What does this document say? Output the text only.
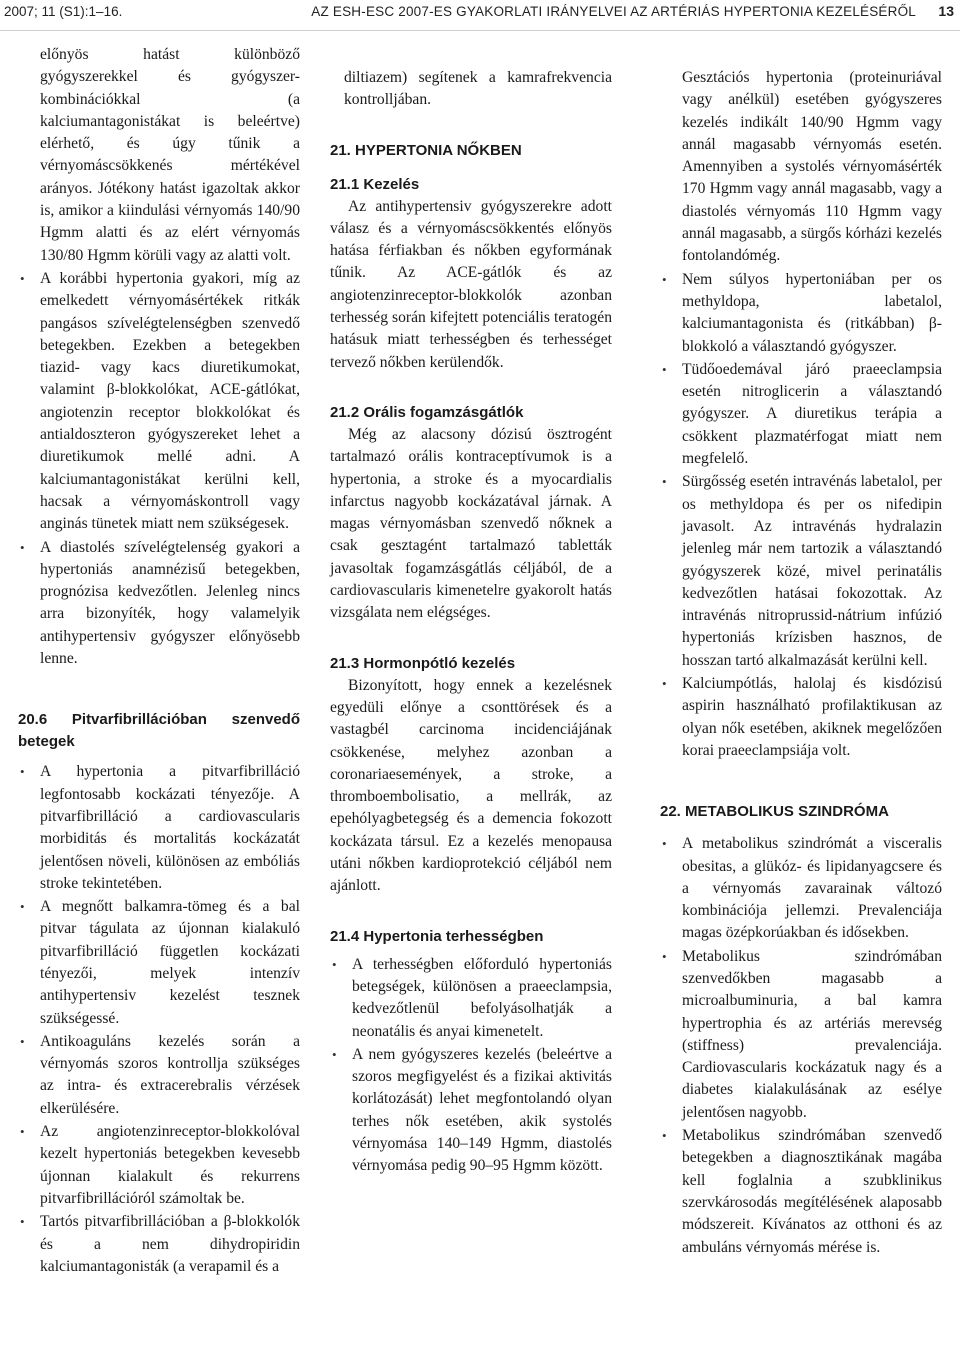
2007; 11 (S1):1–16.	AZ ESH-ESC 2007-ES GYAKORLATI IRÁNYELVEI AZ ARTÉRIÁS HYPERTONIA KEZELÉSÉRŐL 13
előnyös hatást különböző gyógyszerekkel és gyógyszer-kombinációkkal (a kalciumantagonistákat is beleértve) elérhető, és úgy tűnik a vérnyomáscsökkenés mértékével arányos. Jótékony hatást igazoltak akkor is, amikor a kiindulási vérnyomás 140/90 Hgmm alatti és az elért vérnyomás 130/80 Hgmm körüli vagy az alatti volt.
• A korábbi hypertonia gyakori, míg az emelkedett vérnyomásértékek ritkák pangásos szívelégtelenségben szenvedő betegekben. Ezekben a betegekben tiazid- vagy kacs diuretikumokat, valamint β-blokkolókat, ACE-gátlókat, angiotenzin receptor blokkolókat és antialdoszteron gyógyszereket lehet a diuretikumok mellé adni. A kalciumantagonistákat kerülni kell, hacsak a vérnyomáskontroll vagy anginás tünetek miatt nem szükségesek.
• A diastolés szívelégtelenség gyakori a hypertoniás anamnézisű betegekben, prognózisa kedvezőtlen. Jelenleg nincs arra bizonyíték, hogy valamelyik antihypertensiv gyógyszer előnyösebb lenne.
20.6 Pitvarfibrillációban szenvedő betegek
• A hypertonia a pitvarfibrilláció legfontosabb kockázati tényezője. A pitvarfibrilláció a cardiovascularis morbiditás és mortalitás kockázatát jelentősen növeli, különösen az embóliás stroke tekintetében.
• A megnőtt balkamra-tömeg és a bal pitvar tágulata az újonnan kialakuló pitvarfibrilláció független kockázati tényezői, melyek intenzív antihypertensiv kezelést tesznek szükségessé.
• Antikoaguláns kezelés során a vérnyomás szoros kontrollja szükséges az intra- és extracerebralis vérzések elkerülésére.
• Az angiotenzinreceptor-blokkolóval kezelt hypertoniás betegekben kevesebb újonnan kialakult és rekurrens pitvarfibrillációról számoltak be.
• Tartós pitvarfibrillációban a β-blokkolók és a nem dihydropiridin kalciumantagonisták (a verapamil és a

diltiazem) segítenek a kamrafrekvencia kontrolljában.

21. HYPERTONIA NŐKBEN
21.1 Kezelés

Az antihypertensiv gyógyszerekre adott válasz és a vérnyomáscsökkentés előnyös hatása férfiakban és nőkben egyformának tűnik. Az ACE-gátlók és az angiotenzinreceptor-blokkolók azonban terhesség során kifejtett potenciális teratogén hatásuk miatt terhességben és terhességet tervező nőkben kerülendők.

21.2 Orális fogamzásgátlók

Még az alacsony dózisú ösztrogént tartalmazó orális kontraceptívumok is a hypertonia, a stroke és a myocardialis infarctus nagyobb kockázatával járnak. A magas vérnyomásban szenvedő nőknek a csak gesztagént tartalmazó tabletták javasoltak fogamzásgátlás céljából, de a cardiovascularis kimenetelre gyakorolt hatás vizsgálata nem elégséges.

21.3 Hormonpótló kezelés

Bizonyított, hogy ennek a kezelésnek egyedüli előnye a csonttörések és a vastagbél carcinoma incidenciájának csökkenése, melyhez azonban a coronariaesemények, a stroke, a thromboembolisatio, a mellrák, az epehólyagbetegség és a demencia fokozott kockázata társul. Ez a kezelés menopausa utáni nőkben kardioprotekció céljából nem ajánlott.

21.4 Hypertonia terhességben
• A terhességben előforduló hypertoniás betegségek, különösen a praeeclampsia, kedvezőtlenül befolyásolhatják a neonatális és anyai kimenetelt.
• A nem gyógyszeres kezelés (beleértve a szoros megfigyelést és a fizikai aktivitás korlátozását) lehet megfontolandó olyan terhes nők esetében, akik systolés vérnyomása 140–149 Hgmm, diastolés vérnyomása pedig 90–95 Hgmm között.
Gesztációs hypertonia (proteinuriával vagy anélkül) esetében gyógyszeres kezelés indikált 140/90 Hgmm vagy annál magasabb vérnyomás esetén. Amennyiben a systolés vérnyomásérték 170 Hgmm vagy annál magasabb, vagy a diastolés vérnyomás 110 Hgmm vagy annál magasabb, a sürgős kórházi kezelés fontolandómég.
• Nem súlyos hypertoniában per os methyldopa, labetalol, kalciumantagonista és (ritkábban) β-blokkoló a választandó gyógyszer.
• Tüdőoedemával járó praeeclampsia esetén nitroglicerin a választandó gyógyszer. A diuretikus terápia a csökkent plazmatérfogat miatt nem megfelelő.
• Sürgősség esetén intravénás labetalol, per os methyldopa és per os nifedipin javasolt. Az intravénás hydralazin jelenleg már nem tartozik a választandó gyógyszerek közé, mivel perinatális kedvezőtlen hatásai fokozottak. Az intravénás nitroprussid-nátrium infúzió hypertoniás krízisben hasznos, de hosszan tartó alkalmazását kerülni kell.
• Kalciumpótlás, halolaj és kisdózisú aspirin használható profilaktikusan az olyan nők esetében, akiknek megelőzően korai praeeclampsiája volt.
22. METABOLIKUS SZINDRÓMA
• A metabolikus szindrómát a visceralis obesitas, a glükóz- és lipidanyagcsere és a vérnyomás zavarainak változó kombinációja jellemzi. Prevalenciája magas özépkorúakban és idősekben.
• Metabolikus szindrómában szenvedőkben magasabb a microalbuminuria, a bal kamra hypertrophia és az artériás merevség (stiffness) prevalenciája. Cardiovascularis kockázatuk nagy és a diabetes kialakulásának az esélye jelentősen nagyobb.
• Metabolikus szindrómában szenvedő betegekben a diagnosztikának magába kell foglalnia a szubklinikus szervkárosodás megítélésének alaposabb módszereit. Kívánatos az otthoni és az ambuláns vérnyomás mérése is.
